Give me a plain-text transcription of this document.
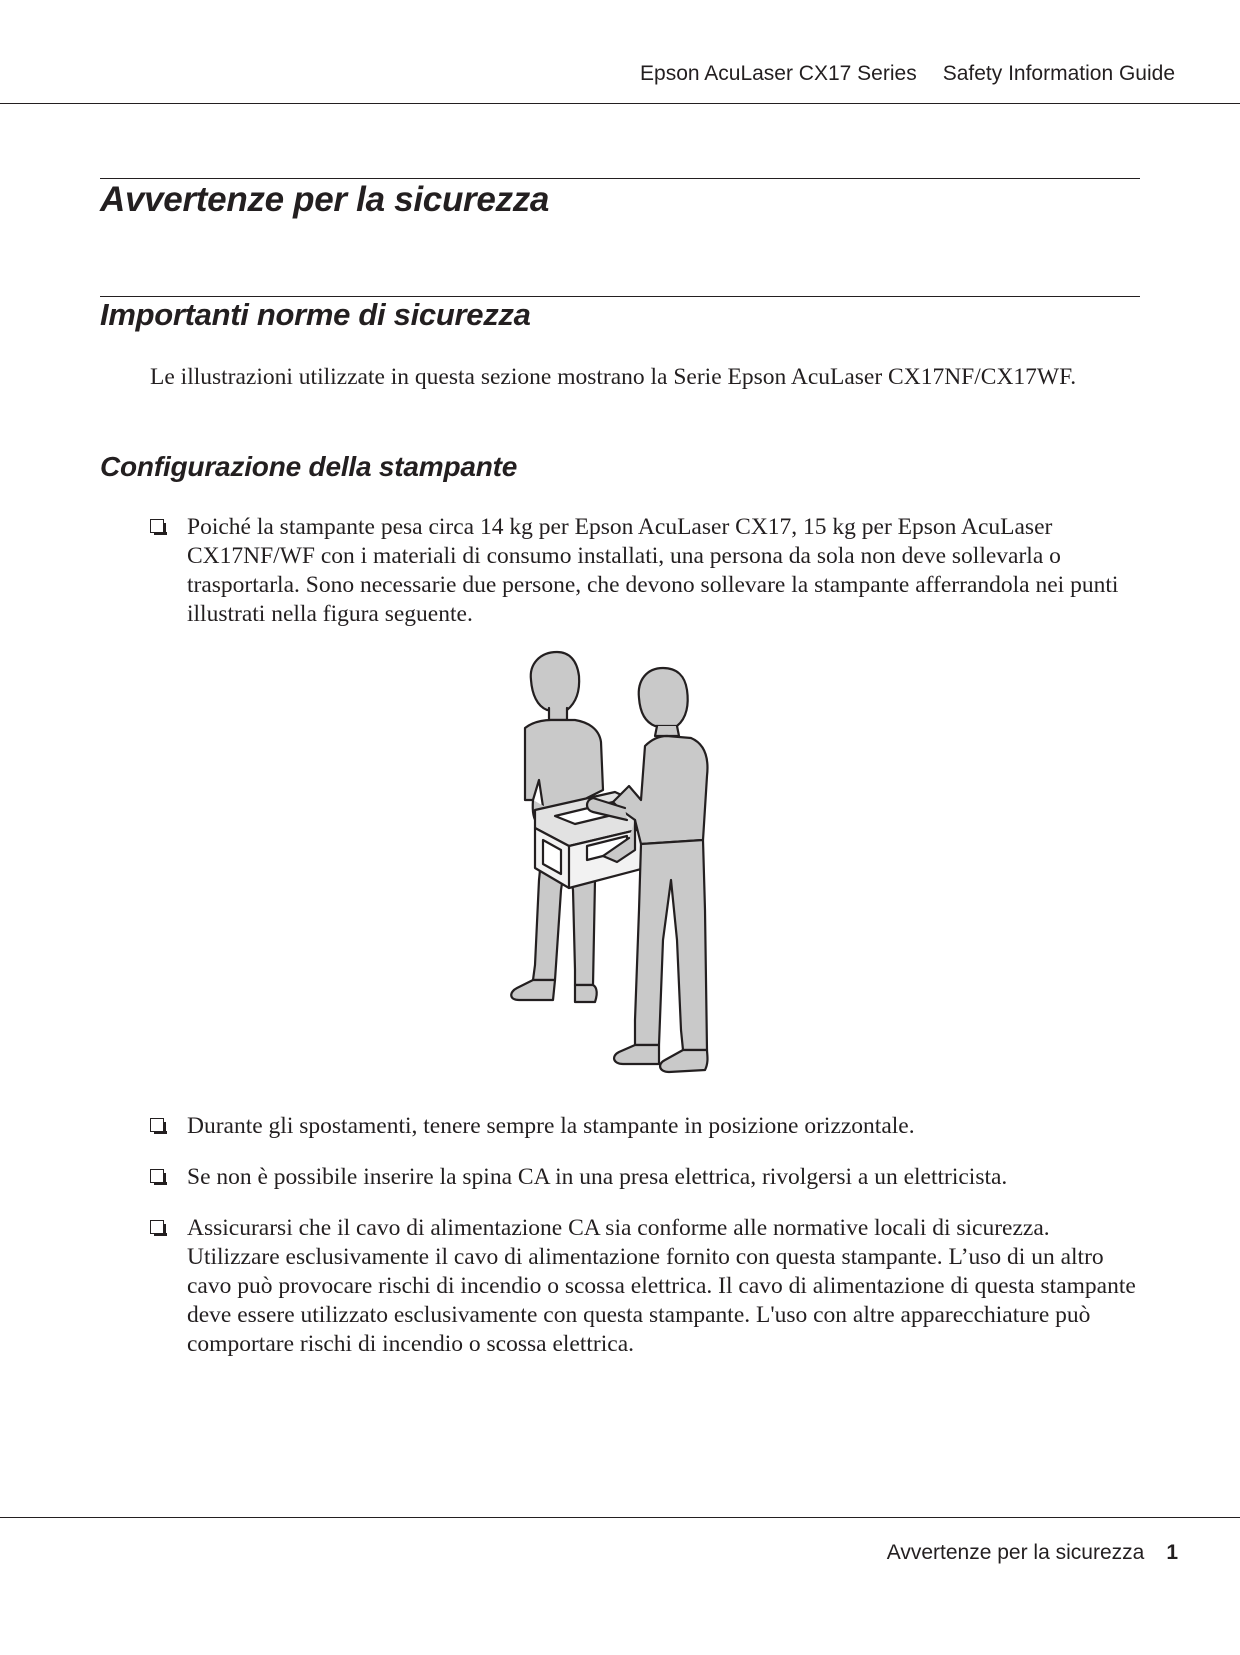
Epson AcuLaser CX17 Series Safety Information Guide
Avvertenze per la sicurezza
Importanti norme di sicurezza

Le illustrazioni utilizzate in questa sezione mostrano la Serie Epson AcuLaser CX17NF/CX17WF.

Configurazione della stampante
Poiché la stampante pesa circa 14 kg per Epson AcuLaser CX17, 15 kg per Epson AcuLaser CX17NF/WF con i materiali di consumo installati, una persona da sola non deve sollevarla o trasportarla. Sono necessarie due persone, che devono sollevare la stampante afferrandola nei punti illustrati nella figura seguente.
Durante gli spostamenti, tenere sempre la stampante in posizione orizzontale.
Se non è possibile inserire la spina CA in una presa elettrica, rivolgersi a un elettricista.
Assicurarsi che il cavo di alimentazione CA sia conforme alle normative locali di sicurezza. Utilizzare esclusivamente il cavo di alimentazione fornito con questa stampante. L’uso di un altro cavo può provocare rischi di incendio o scossa elettrica. Il cavo di alimentazione di questa stampante deve essere utilizzato esclusivamente con questa stampante. L'uso con altre apparecchiature può comportare rischi di incendio o scossa elettrica.
Avvertenze per la sicurezza 1
